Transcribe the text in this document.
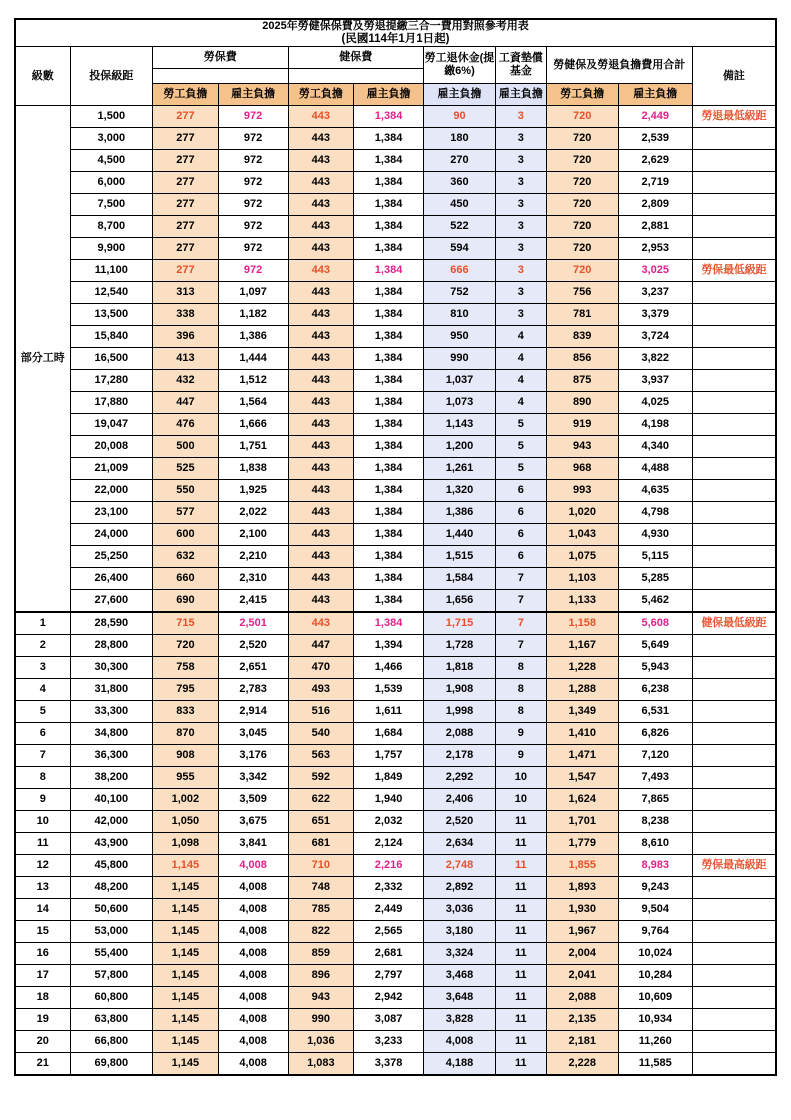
2025年勞健保保費及勞退提繳三合一費用對照參考用表
(民國114年1月1日起)										

級數	投保級距	勞保費		健保費		勞工退休金(提繳6%)	工資墊償基金	勞健保及勞退負擔費用合計		備註

		勞工負擔	雇主負擔	勞工負擔	雇主負擔	雇主負擔	雇主負擔	勞工負擔	雇主負擔	
部分工時	1,500	277	972	443	1,384	90	3	720	2,449	勞退最低級距
	3,000	277	972	443	1,384	180	3	720	2,539	
	4,500	277	972	443	1,384	270	3	720	2,629	
	6,000	277	972	443	1,384	360	3	720	2,719	
	7,500	277	972	443	1,384	450	3	720	2,809	
	8,700	277	972	443	1,384	522	3	720	2,881	
	9,900	277	972	443	1,384	594	3	720	2,953	
	11,100	277	972	443	1,384	666	3	720	3,025	勞保最低級距
	12,540	313	1,097	443	1,384	752	3	756	3,237	
	13,500	338	1,182	443	1,384	810	3	781	3,379	
	15,840	396	1,386	443	1,384	950	4	839	3,724	
	16,500	413	1,444	443	1,384	990	4	856	3,822	
	17,280	432	1,512	443	1,384	1,037	4	875	3,937	
	17,880	447	1,564	443	1,384	1,073	4	890	4,025	
	19,047	476	1,666	443	1,384	1,143	5	919	4,198	
	20,008	500	1,751	443	1,384	1,200	5	943	4,340	
	21,009	525	1,838	443	1,384	1,261	5	968	4,488	
	22,000	550	1,925	443	1,384	1,320	6	993	4,635	
	23,100	577	2,022	443	1,384	1,386	6	1,020	4,798	
	24,000	600	2,100	443	1,384	1,440	6	1,043	4,930	
	25,250	632	2,210	443	1,384	1,515	6	1,075	5,115	
	26,400	660	2,310	443	1,384	1,584	7	1,103	5,285	
	27,600	690	2,415	443	1,384	1,656	7	1,133	5,462	
1	28,590	715	2,501	443	1,384	1,715	7	1,158	5,608	健保最低級距
2	28,800	720	2,520	447	1,394	1,728	7	1,167	5,649	
3	30,300	758	2,651	470	1,466	1,818	8	1,228	5,943	
4	31,800	795	2,783	493	1,539	1,908	8	1,288	6,238	
5	33,300	833	2,914	516	1,611	1,998	8	1,349	6,531	
6	34,800	870	3,045	540	1,684	2,088	9	1,410	6,826	
7	36,300	908	3,176	563	1,757	2,178	9	1,471	7,120	
8	38,200	955	3,342	592	1,849	2,292	10	1,547	7,493	
9	40,100	1,002	3,509	622	1,940	2,406	10	1,624	7,865	
10	42,000	1,050	3,675	651	2,032	2,520	11	1,701	8,238	
11	43,900	1,098	3,841	681	2,124	2,634	11	1,779	8,610	
12	45,800	1,145	4,008	710	2,216	2,748	11	1,855	8,983	勞保最高級距
13	48,200	1,145	4,008	748	2,332	2,892	11	1,893	9,243	
14	50,600	1,145	4,008	785	2,449	3,036	11	1,930	9,504	
15	53,000	1,145	4,008	822	2,565	3,180	11	1,967	9,764	
16	55,400	1,145	4,008	859	2,681	3,324	11	2,004	10,024	
17	57,800	1,145	4,008	896	2,797	3,468	11	2,041	10,284	
18	60,800	1,145	4,008	943	2,942	3,648	11	2,088	10,609	
19	63,800	1,145	4,008	990	3,087	3,828	11	2,135	10,934	
20	66,800	1,145	4,008	1,036	3,233	4,008	11	2,181	11,260	
21	69,800	1,145	4,008	1,083	3,378	4,188	11	2,228	11,585	
